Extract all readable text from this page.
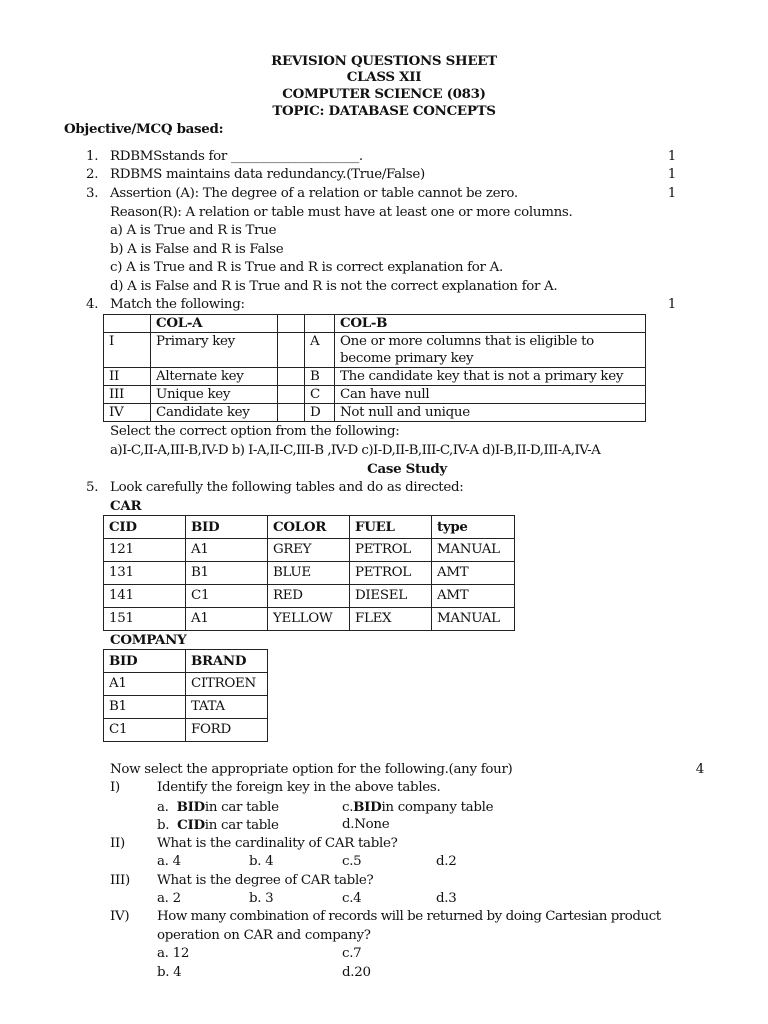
REVISION QUESTIONS SHEET
CLASS XII
COMPUTER SCIENCE (083)
TOPIC: DATABASE CONCEPTS
Objective/MCQ based:
1. RDBMSstands for ____________________.	1
2. RDBMS maintains data redundancy.(True/False)	1
3. Assertion (A): The degree of a relation or table cannot be zero.	1
Reason(R): A relation or table must have at least one or more columns.
a) A is True and R is True
b) A is False and R is False
c) A is True and R is True and R is correct explanation for A.
d) A is False and R is True and R is not the correct explanation for A.
4. Match the following:	1
	COL-A			COL-B
I	Primary key		A	One or more columns that is eligible to become primary key
II	Alternate key		B	The candidate key that is not a primary key
III	Unique key		C	Can have null
IV	Candidate key		D	Not null and unique
Select the correct option from the following:
a)I-C,II-A,III-B,IV-D b) I-A,II-C,III-B ,IV-D c)I-D,II-B,III-C,IV-A d)I-B,II-D,III-A,IV-A
Case Study
5. Look carefully the following tables and do as directed:
CAR
CID	BID	COLOR	FUEL	type
121	A1	GREY	PETROL	MANUAL
131	B1	BLUE	PETROL	AMT
141	C1	RED	DIESEL	AMT
151	A1	YELLOW	FLEX	MANUAL
COMPANY
BID	BRAND
A1	CITROEN
B1	TATA
C1	FORD
Now select the appropriate option for the following.(any four)	4
I)	Identify the foreign key in the above tables.
a. BIDin car table	c.BIDin company table
b. CIDin car table	d.None
II) What is the cardinality of CAR table?
a. 4	b. 4	c.5	d.2
III) What is the degree of CAR table?
a. 2	b. 3	c.4	d.3
IV) How many combination of records will be returned by doing Cartesian product
operation on CAR and company?
a. 12	c.7
b. 4	d.20
